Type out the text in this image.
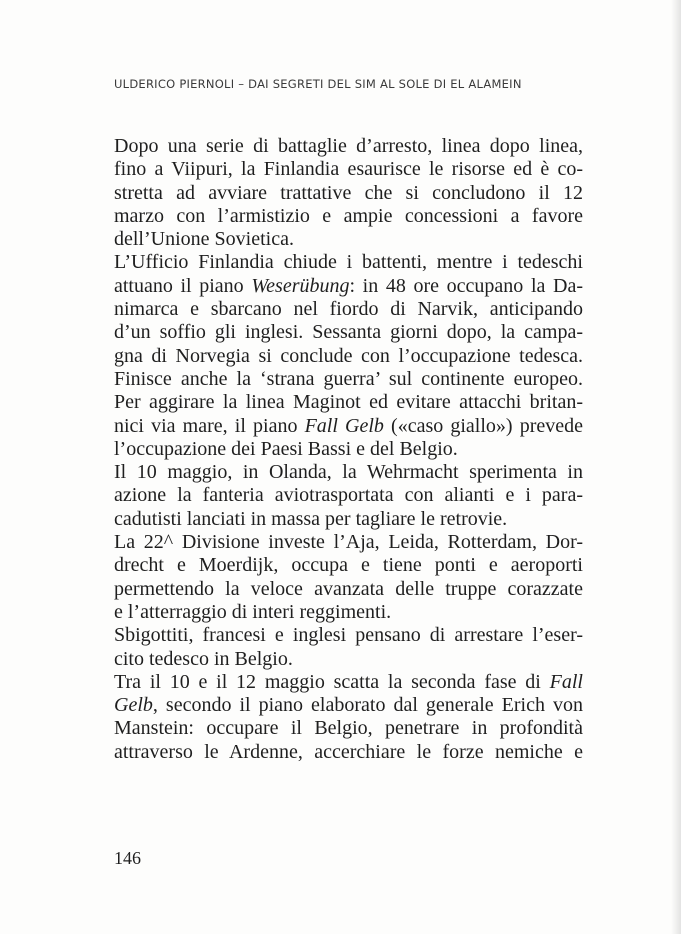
ULDERICO PIERNOLI – DAI SEGRETI DEL SIM AL SOLE DI EL ALAMEIN
Dopo una serie di battaglie d’arresto, linea dopo linea,
fino a Viipuri, la Finlandia esaurisce le risorse ed è co-
stretta ad avviare trattative che si concludono il 12
marzo con l’armistizio e ampie concessioni a favore
dell’Unione Sovietica.
L’Ufficio Finlandia chiude i battenti, mentre i tedeschi
attuano il piano Weserübung: in 48 ore occupano la Da-
nimarca e sbarcano nel fiordo di Narvik, anticipando
d’un soffio gli inglesi. Sessanta giorni dopo, la campa-
gna di Norvegia si conclude con l’occupazione tedesca.
Finisce anche la ‘strana guerra’ sul continente europeo.
Per aggirare la linea Maginot ed evitare attacchi britan-
nici via mare, il piano Fall Gelb («caso giallo») prevede
l’occupazione dei Paesi Bassi e del Belgio.
Il 10 maggio, in Olanda, la Wehrmacht sperimenta in
azione la fanteria aviotrasportata con alianti e i para-
cadutisti lanciati in massa per tagliare le retrovie.
La 22^ Divisione investe l’Aja, Leida, Rotterdam, Dor-
drecht e Moerdijk, occupa e tiene ponti e aeroporti
permettendo la veloce avanzata delle truppe corazzate
e l’atterraggio di interi reggimenti.
Sbigottiti, francesi e inglesi pensano di arrestare l’eser-
cito tedesco in Belgio.
Tra il 10 e il 12 maggio scatta la seconda fase di Fall
Gelb, secondo il piano elaborato dal generale Erich von
Manstein: occupare il Belgio, penetrare in profondità
attraverso le Ardenne, accerchiare le forze nemiche e
146
